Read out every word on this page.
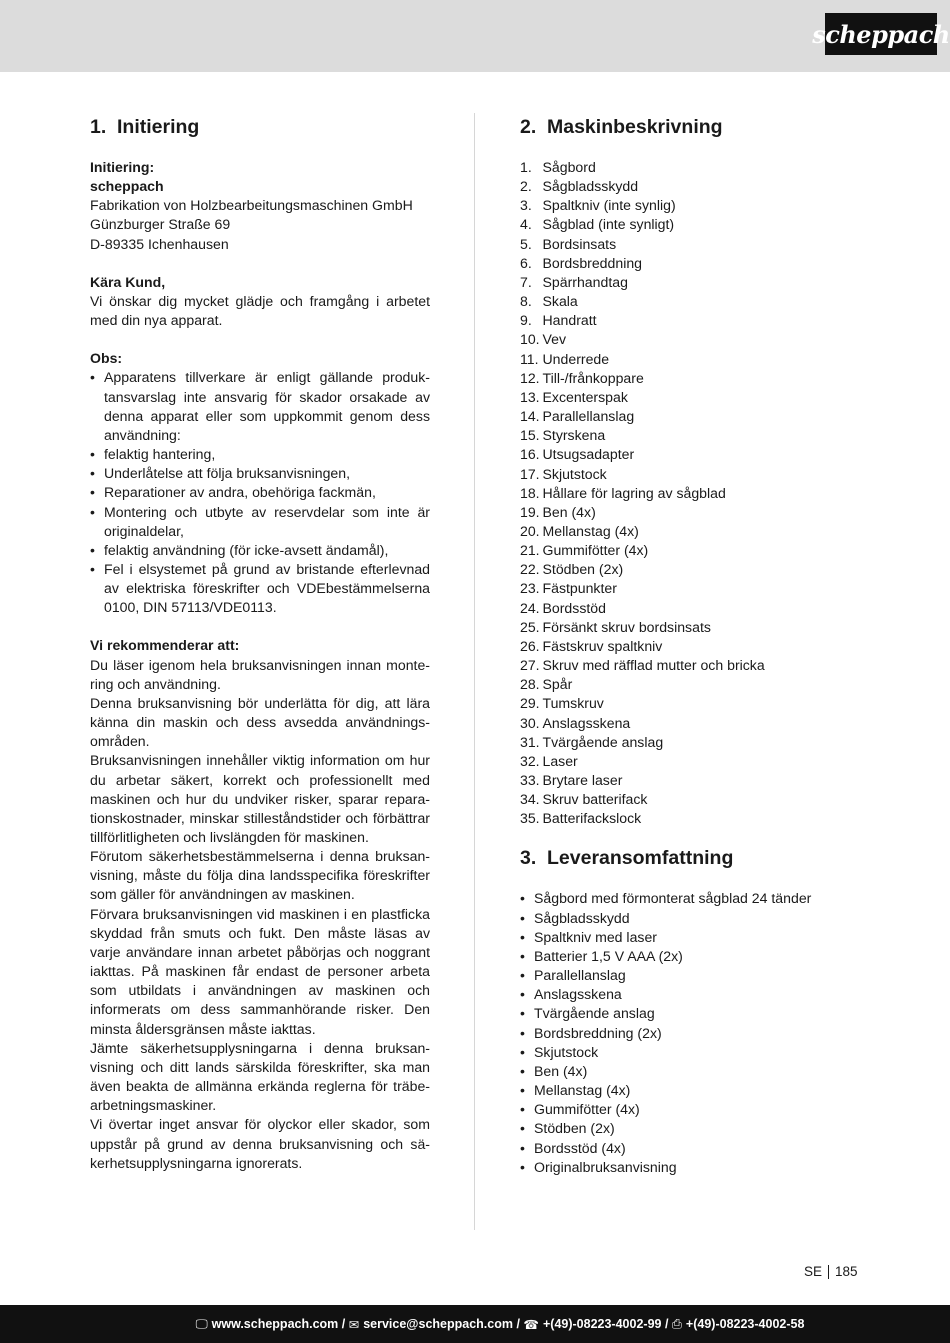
scheppach
1. Initiering
Initiering:
scheppach
Fabrikation von Holzbearbeitungsmaschinen GmbH
Günzburger Straße 69
D-89335 Ichenhausen
Kära Kund,
Vi önskar dig mycket glädje och framgång i arbetet med din nya apparat.
Obs:
• Apparatens tillverkare är enligt gällande produktansvarslag inte ansvarig för skador orsakade av denna apparat eller som uppkommit genom dess användning:
• felaktig hantering,
• Underlåtelse att följa bruksanvisningen,
• Reparationer av andra, obehöriga fackmän,
• Montering och utbyte av reservdelar som inte är originaldelar,
• felaktig användning (för icke-avsett ändamål),
• Fel i elsystemet på grund av bristande efterlevnad av elektriska föreskrifter och VDEbestämmelserna 0100, DIN 57113/VDE0113.
Vi rekommenderar att:

Du läser igenom hela bruksanvisningen innan montering och användning.

Denna bruksanvisning bör underlätta för dig, att lära känna din maskin och dess avsedda användningsområden.

Bruksanvisningen innehåller viktig information om hur du arbetar säkert, korrekt och professionellt med maskinen och hur du undviker risker, sparar reparationskostnader, minskar stilleståndstider och förbättrar tillförlitligheten och livslängden för maskinen.

Förutom säkerhetsbestämmelserna i denna bruksanvisning, måste du följa dina landsspecifika föreskrifter som gäller för användningen av maskinen.

Förvara bruksanvisningen vid maskinen i en plastficka skyddad från smuts och fukt. Den måste läsas av varje användare innan arbetet påbörjas och noggrant iakttas. På maskinen får endast de personer arbeta som utbildats i användningen av maskinen och informerats om dess sammanhörande risker. Den minsta åldersgränsen måste iakttas.

Jämte säkerhetsupplysningarna i denna bruksanvisning och ditt lands särskilda föreskrifter, ska man även beakta de allmänna erkända reglerna för träbearbetningsmaskiner.

Vi övertar inget ansvar för olyckor eller skador, som uppstår på grund av denna bruksanvisning och säkerhetsupplysningarna ignorerats.

2. Maskinbeskrivning
1. Sågbord
2. Sågbladsskydd
3. Spaltkniv (inte synlig)
4. Sågblad (inte synligt)
5. Bordsinsats
6. Bordsbreddning
7. Spärrhandtag
8. Skala
9. Handratt
10. Vev
11. Underrede
12. Till-/frånkoppare
13. Excenterspak
14. Parallellanslag
15. Styrskena
16. Utsugsadapter
17. Skjutstock
18. Hållare för lagring av sågblad
19. Ben (4x)
20. Mellanstag (4x)
21. Gummifötter (4x)
22. Stödben (2x)
23. Fästpunkter
24. Bordsstöd
25. Försänkt skruv bordsinsats
26. Fästskruv spaltkniv
27. Skruv med räfflad mutter och bricka
28. Spår
29. Tumskruv
30. Anslagsskena
31. Tvärgående anslag
32. Laser
33. Brytare laser
34. Skruv batterifack
35. Batterifackslock
3. Leveransomfattning
• Sågbord med förmonterat sågblad 24 tänder
• Sågbladsskydd
• Spaltkniv med laser
• Batterier 1,5 V AAA (2x)
• Parallellanslag
• Anslagsskena
• Tvärgående anslag
• Bordsbreddning (2x)
• Skjutstock
• Ben (4x)
• Mellanstag (4x)
• Gummifötter (4x)
• Stödben (2x)
• Bordsstöd (4x)
• Originalbruksanvisning
SE 185
🖵 www.scheppach.com /
✉ service@scheppach.com /
☎ +(49)-08223-4002-99 /
⎙ +(49)-08223-4002-58
